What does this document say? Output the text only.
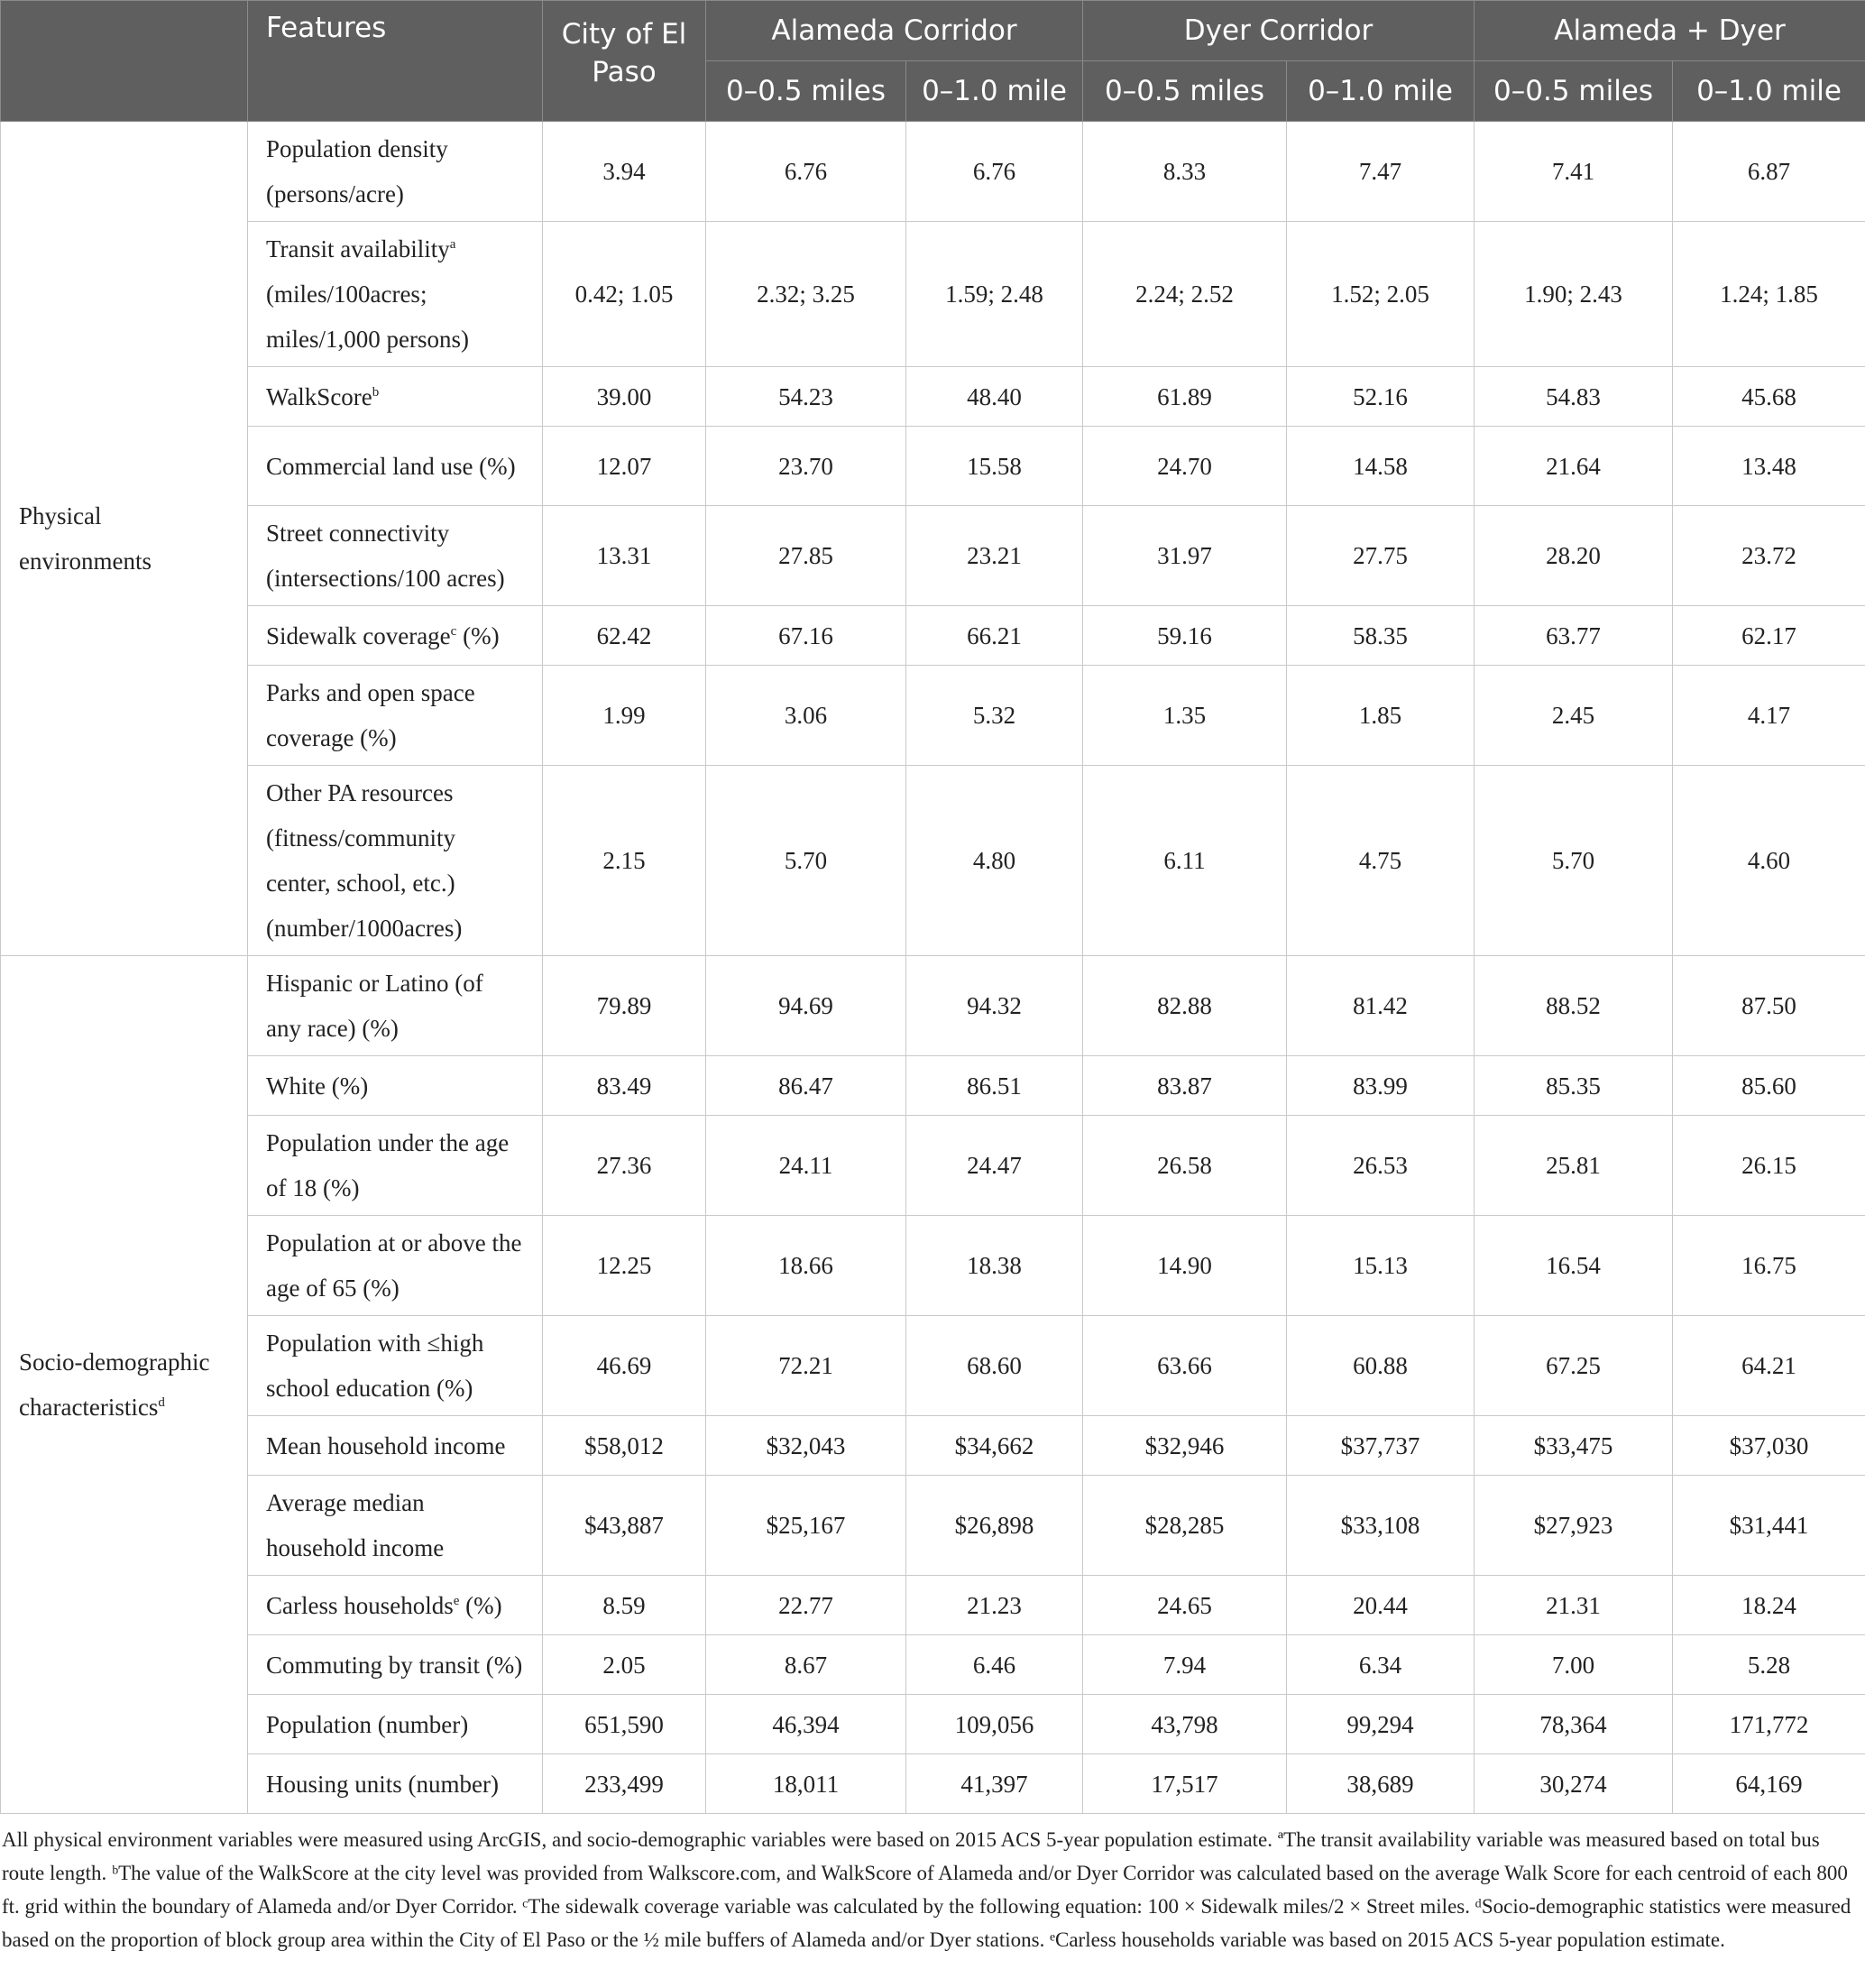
	Features	City of El Paso	Alameda Corridor		Dyer Corridor		Alameda + Dyer	
			0–0.5 miles	0–1.0 mile	0–0.5 miles	0–1.0 mile	0–0.5 miles	0–1.0 mile
Physical environments	Population density (persons/acre)	3.94	6.76	6.76	8.33	7.47	7.41	6.87
	Transit availability$^a$ (miles/100acres; miles/1,000 persons)	0.42; 1.05	2.32; 3.25	1.59; 2.48	2.24; 2.52	1.52; 2.05	1.90; 2.43	1.24; 1.85
	WalkScore$^b$	39.00	54.23	48.40	61.89	52.16	54.83	45.68
	Commercial land use (%)	12.07	23.70	15.58	24.70	14.58	21.64	13.48
	Street connectivity (intersections/100 acres)	13.31	27.85	23.21	31.97	27.75	28.20	23.72
	Sidewalk coverage$^c$ (%)	62.42	67.16	66.21	59.16	58.35	63.77	62.17
	Parks and open space coverage (%)	1.99	3.06	5.32	1.35	1.85	2.45	4.17
	Other PA resources (fitness/community center, school, etc.) (number/1000acres)	2.15	5.70	4.80	6.11	4.75	5.70	4.60
Socio-demographic characteristics$^d$	Hispanic or Latino (of any race) (%)	79.89	94.69	94.32	82.88	81.42	88.52	87.50
	White (%)	83.49	86.47	86.51	83.87	83.99	85.35	85.60
	Population under the age of 18 (%)	27.36	24.11	24.47	26.58	26.53	25.81	26.15
	Population at or above the age of 65 (%)	12.25	18.66	18.38	14.90	15.13	16.54	16.75
	Population with ≤high school education (%)	46.69	72.21	68.60	63.66	60.88	67.25	64.21
	Mean household income	$58,012	$32,043	$34,662	$32,946	$37,737	$33,475	$37,030
	Average median household income	$43,887	$25,167	$26,898	$28,285	$33,108	$27,923	$31,441
	Carless households$^e$ (%)	8.59	22.77	21.23	24.65	20.44	21.31	18.24
	Commuting by transit (%)	2.05	8.67	6.46	7.94	6.34	7.00	5.28
	Population (number)	651,590	46,394	109,056	43,798	99,294	78,364	171,772
	Housing units (number)	233,499	18,011	41,397	17,517	38,689	30,274	64,169
All physical environment variables were measured using ArcGIS, and socio-demographic variables were based on 2015 ACS 5-year population estimate. ªThe transit availability variable was measured based on total bus route length. ᵇThe value of the WalkScore at the city level was provided from Walkscore.com, and WalkScore of Alameda and/or Dyer Corridor was calculated based on the average Walk Score for each centroid of each 800 ft. grid within the boundary of Alameda and/or Dyer Corridor. ᶜThe sidewalk coverage variable was calculated by the following equation: 100 × Sidewalk miles/2 × Street miles. ᵈSocio-demographic statistics were measured based on the proportion of block group area within the City of El Paso or the ½ mile buffers of Alameda and/or Dyer stations. ᵉCarless households variable was based on 2015 ACS 5-year population estimate.
